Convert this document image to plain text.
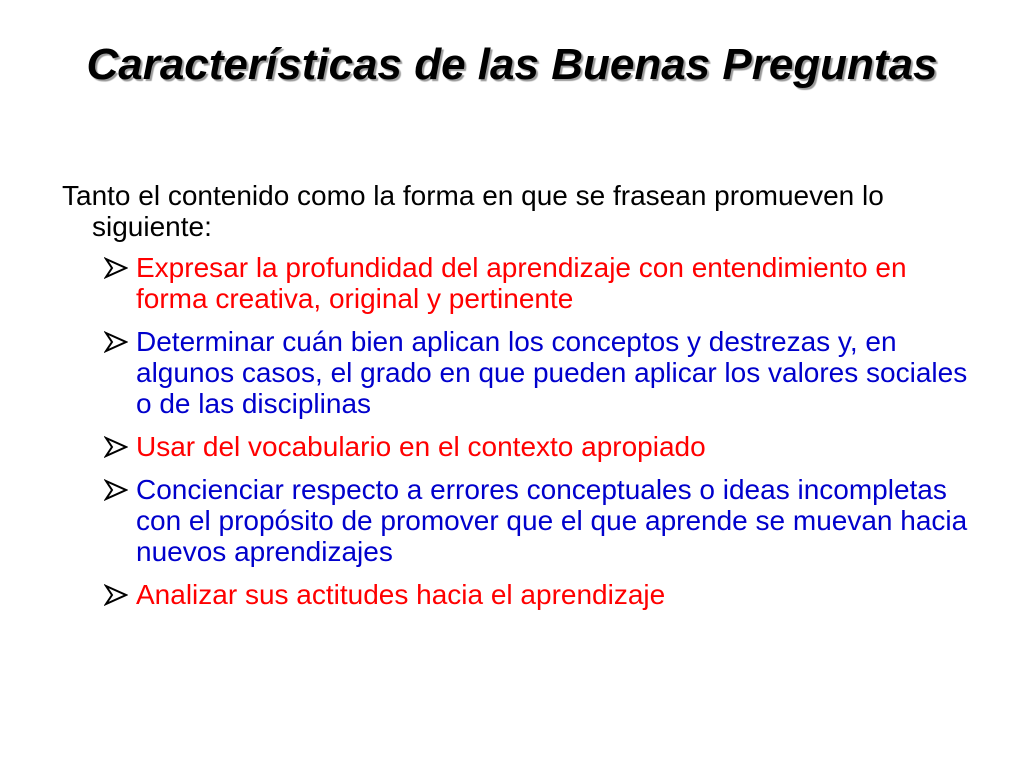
Características de las Buenas Preguntas

Tanto el contenido como la forma en que se frasean promueven lo siguiente:

Expresar la profundidad del aprendizaje con entendimiento en forma creativa, original y pertinente
Determinar cuán bien aplican los conceptos y destrezas y, en algunos casos, el grado en que pueden aplicar los valores sociales o de las disciplinas
Usar del vocabulario en el contexto apropiado
Concienciar respecto a errores conceptuales o ideas incompletas con el propósito de promover que el que aprende se muevan hacia nuevos aprendizajes
Analizar sus actitudes hacia el aprendizaje
